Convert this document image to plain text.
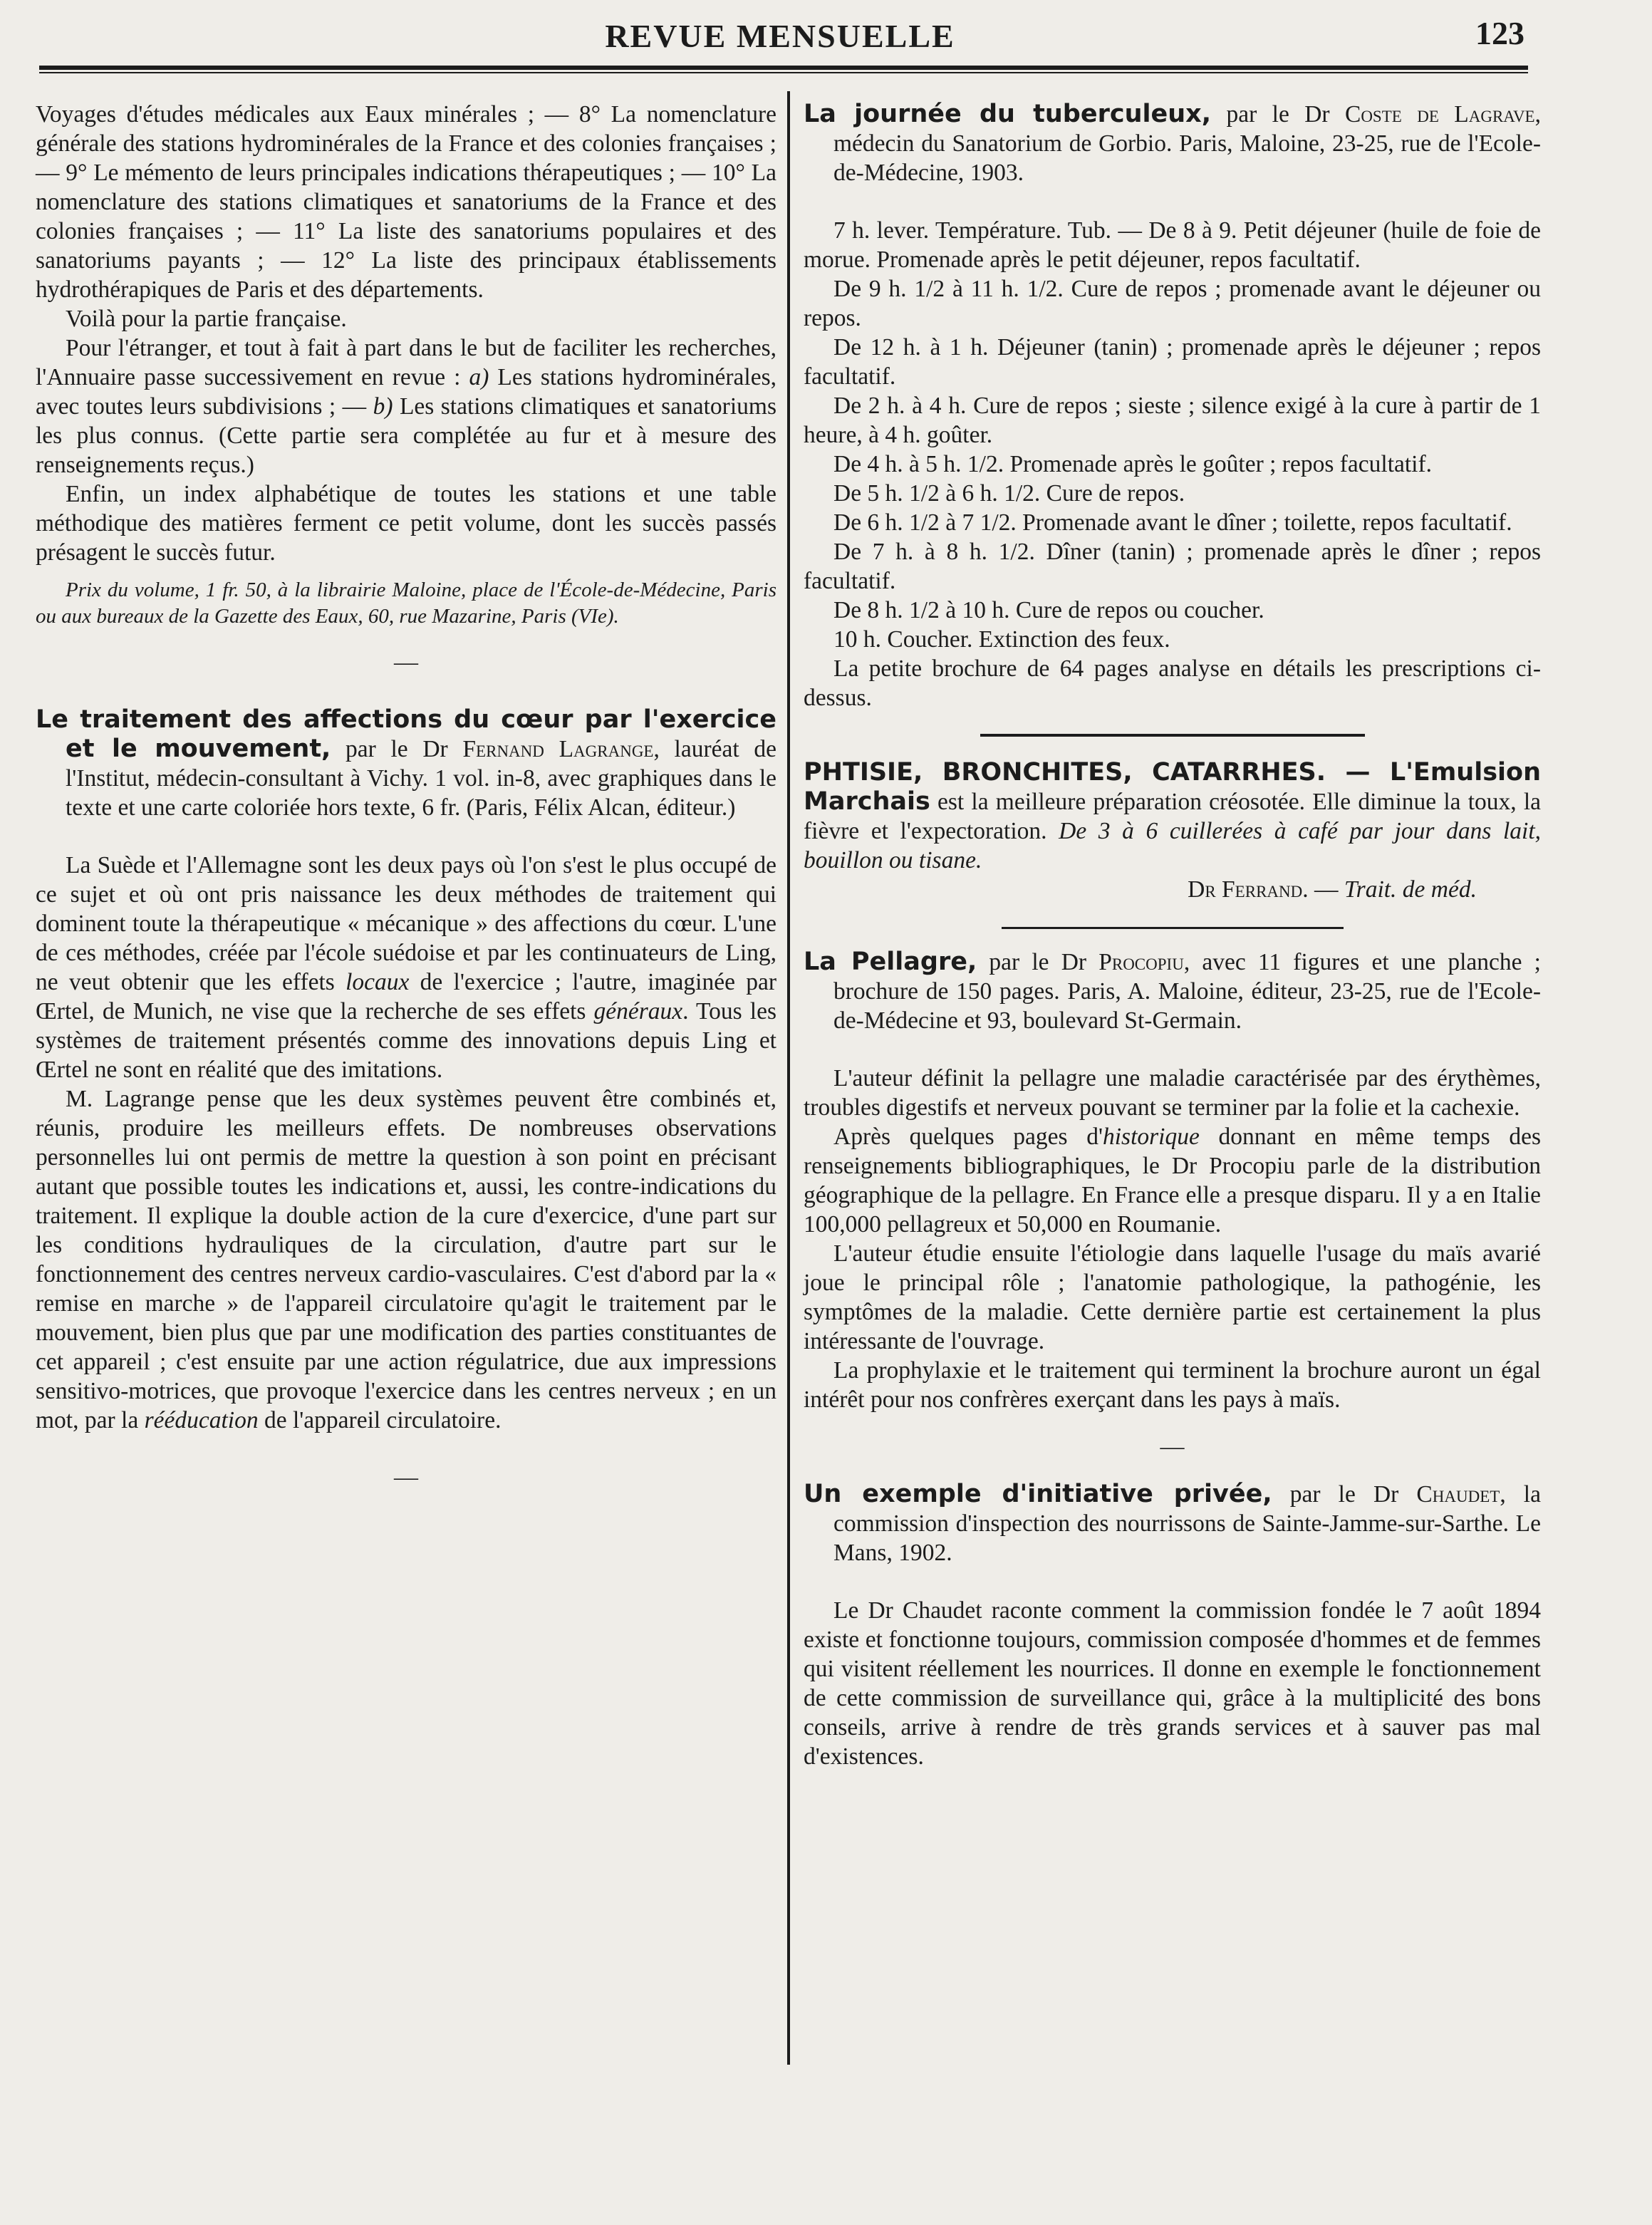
REVUE MENSUELLE	123

Voyages d'études médicales aux Eaux minérales ; — 8° La nomenclature générale des stations hydrominérales de la France et des colonies françaises ; — 9° Le mémento de leurs principales indications thérapeutiques ; — 10° La nomenclature des stations climatiques et sanatoriums de la France et des colonies françaises ; — 11° La liste des sanatoriums populaires et des sanatoriums payants ; — 12° La liste des principaux établissements hydrothérapiques de Paris et des départements.

Voilà pour la partie française.

Pour l'étranger, et tout à fait à part dans le but de faciliter les recherches, l'Annuaire passe successivement en revue : a) Les stations hydrominérales, avec toutes leurs subdivisions ; — b) Les stations climatiques et sanatoriums les plus connus. (Cette partie sera complétée au fur et à mesure des renseignements reçus.)

Enfin, un index alphabétique de toutes les stations et une table méthodique des matières ferment ce petit volume, dont les succès passés présagent le succès futur.

Prix du volume, 1 fr. 50, à la librairie Maloine, place de l'École-de-Médecine, Paris ou aux bureaux de la Gazette des Eaux, 60, rue Mazarine, Paris (VIe).

—

Le traitement des affections du cœur par l'exercice et le mouvement, par le Dr Fernand Lagrange, lauréat de l'Institut, médecin-consultant à Vichy. 1 vol. in-8, avec graphiques dans le texte et une carte coloriée hors texte, 6 fr. (Paris, Félix Alcan, éditeur.)

La Suède et l'Allemagne sont les deux pays où l'on s'est le plus occupé de ce sujet et où ont pris naissance les deux méthodes de traitement qui dominent toute la thérapeutique « mécanique » des affections du cœur. L'une de ces méthodes, créée par l'école suédoise et par les continuateurs de Ling, ne veut obtenir que les effets locaux de l'exercice ; l'autre, imaginée par Œrtel, de Munich, ne vise que la recherche de ses effets généraux. Tous les systèmes de traitement présentés comme des innovations depuis Ling et Œrtel ne sont en réalité que des imitations.

M. Lagrange pense que les deux systèmes peuvent être combinés et, réunis, produire les meilleurs effets. De nombreuses observations personnelles lui ont permis de mettre la question à son point en précisant autant que possible toutes les indications et, aussi, les contre-indications du traitement. Il explique la double action de la cure d'exercice, d'une part sur les conditions hydrauliques de la circulation, d'autre part sur le fonctionnement des centres nerveux cardio-vasculaires. C'est d'abord par la « remise en marche » de l'appareil circulatoire qu'agit le traitement par le mouvement, bien plus que par une modification des parties constituantes de cet appareil ; c'est ensuite par une action régulatrice, due aux impressions sensitivo-motrices, que provoque l'exercice dans les centres nerveux ; en un mot, par la rééducation de l'appareil circulatoire.

—

La journée du tuberculeux, par le Dr Coste de Lagrave, médecin du Sanatorium de Gorbio. Paris, Maloine, 23-25, rue de l'Ecole-de-Médecine, 1903.

7 h. lever. Température. Tub. — De 8 à 9. Petit déjeuner (huile de foie de morue. Promenade après le petit déjeuner, repos facultatif.

De 9 h. 1/2 à 11 h. 1/2. Cure de repos ; promenade avant le déjeuner ou repos.

De 12 h. à 1 h. Déjeuner (tanin) ; promenade après le déjeuner ; repos facultatif.

De 2 h. à 4 h. Cure de repos ; sieste ; silence exigé à la cure à partir de 1 heure, à 4 h. goûter.

De 4 h. à 5 h. 1/2. Promenade après le goûter ; repos facultatif.

De 5 h. 1/2 à 6 h. 1/2. Cure de repos.

De 6 h. 1/2 à 7 1/2. Promenade avant le dîner ; toilette, repos facultatif.

De 7 h. à 8 h. 1/2. Dîner (tanin) ; promenade après le dîner ; repos facultatif.

De 8 h. 1/2 à 10 h. Cure de repos ou coucher.

10 h. Coucher. Extinction des feux.

La petite brochure de 64 pages analyse en détails les prescriptions ci-dessus.

PHTISIE, BRONCHITES, CATARRHES. — L'Emulsion Marchais est la meilleure préparation créosotée. Elle diminue la toux, la fièvre et l'expectoration. De 3 à 6 cuillerées à café par jour dans lait, bouillon ou tisane.

Dr Ferrand. — Trait. de méd.

La Pellagre, par le Dr Procopiu, avec 11 figures et une planche ; brochure de 150 pages. Paris, A. Maloine, éditeur, 23-25, rue de l'Ecole-de-Médecine et 93, boulevard St-Germain.

L'auteur définit la pellagre une maladie caractérisée par des érythèmes, troubles digestifs et nerveux pouvant se terminer par la folie et la cachexie.

Après quelques pages d'historique donnant en même temps des renseignements bibliographiques, le Dr Procopiu parle de la distribution géographique de la pellagre. En France elle a presque disparu. Il y a en Italie 100,000 pellagreux et 50,000 en Roumanie.

L'auteur étudie ensuite l'étiologie dans laquelle l'usage du maïs avarié joue le principal rôle ; l'anatomie pathologique, la pathogénie, les symptômes de la maladie. Cette dernière partie est certainement la plus intéressante de l'ouvrage.

La prophylaxie et le traitement qui terminent la brochure auront un égal intérêt pour nos confrères exerçant dans les pays à maïs.

—

Un exemple d'initiative privée, par le Dr Chaudet, la commission d'inspection des nourrissons de Sainte-Jamme-sur-Sarthe. Le Mans, 1902.

Le Dr Chaudet raconte comment la commission fondée le 7 août 1894 existe et fonctionne toujours, commission composée d'hommes et de femmes qui visitent réellement les nourrices. Il donne en exemple le fonctionnement de cette commission de surveillance qui, grâce à la multiplicité des bons conseils, arrive à rendre de très grands services et à sauver pas mal d'existences.
